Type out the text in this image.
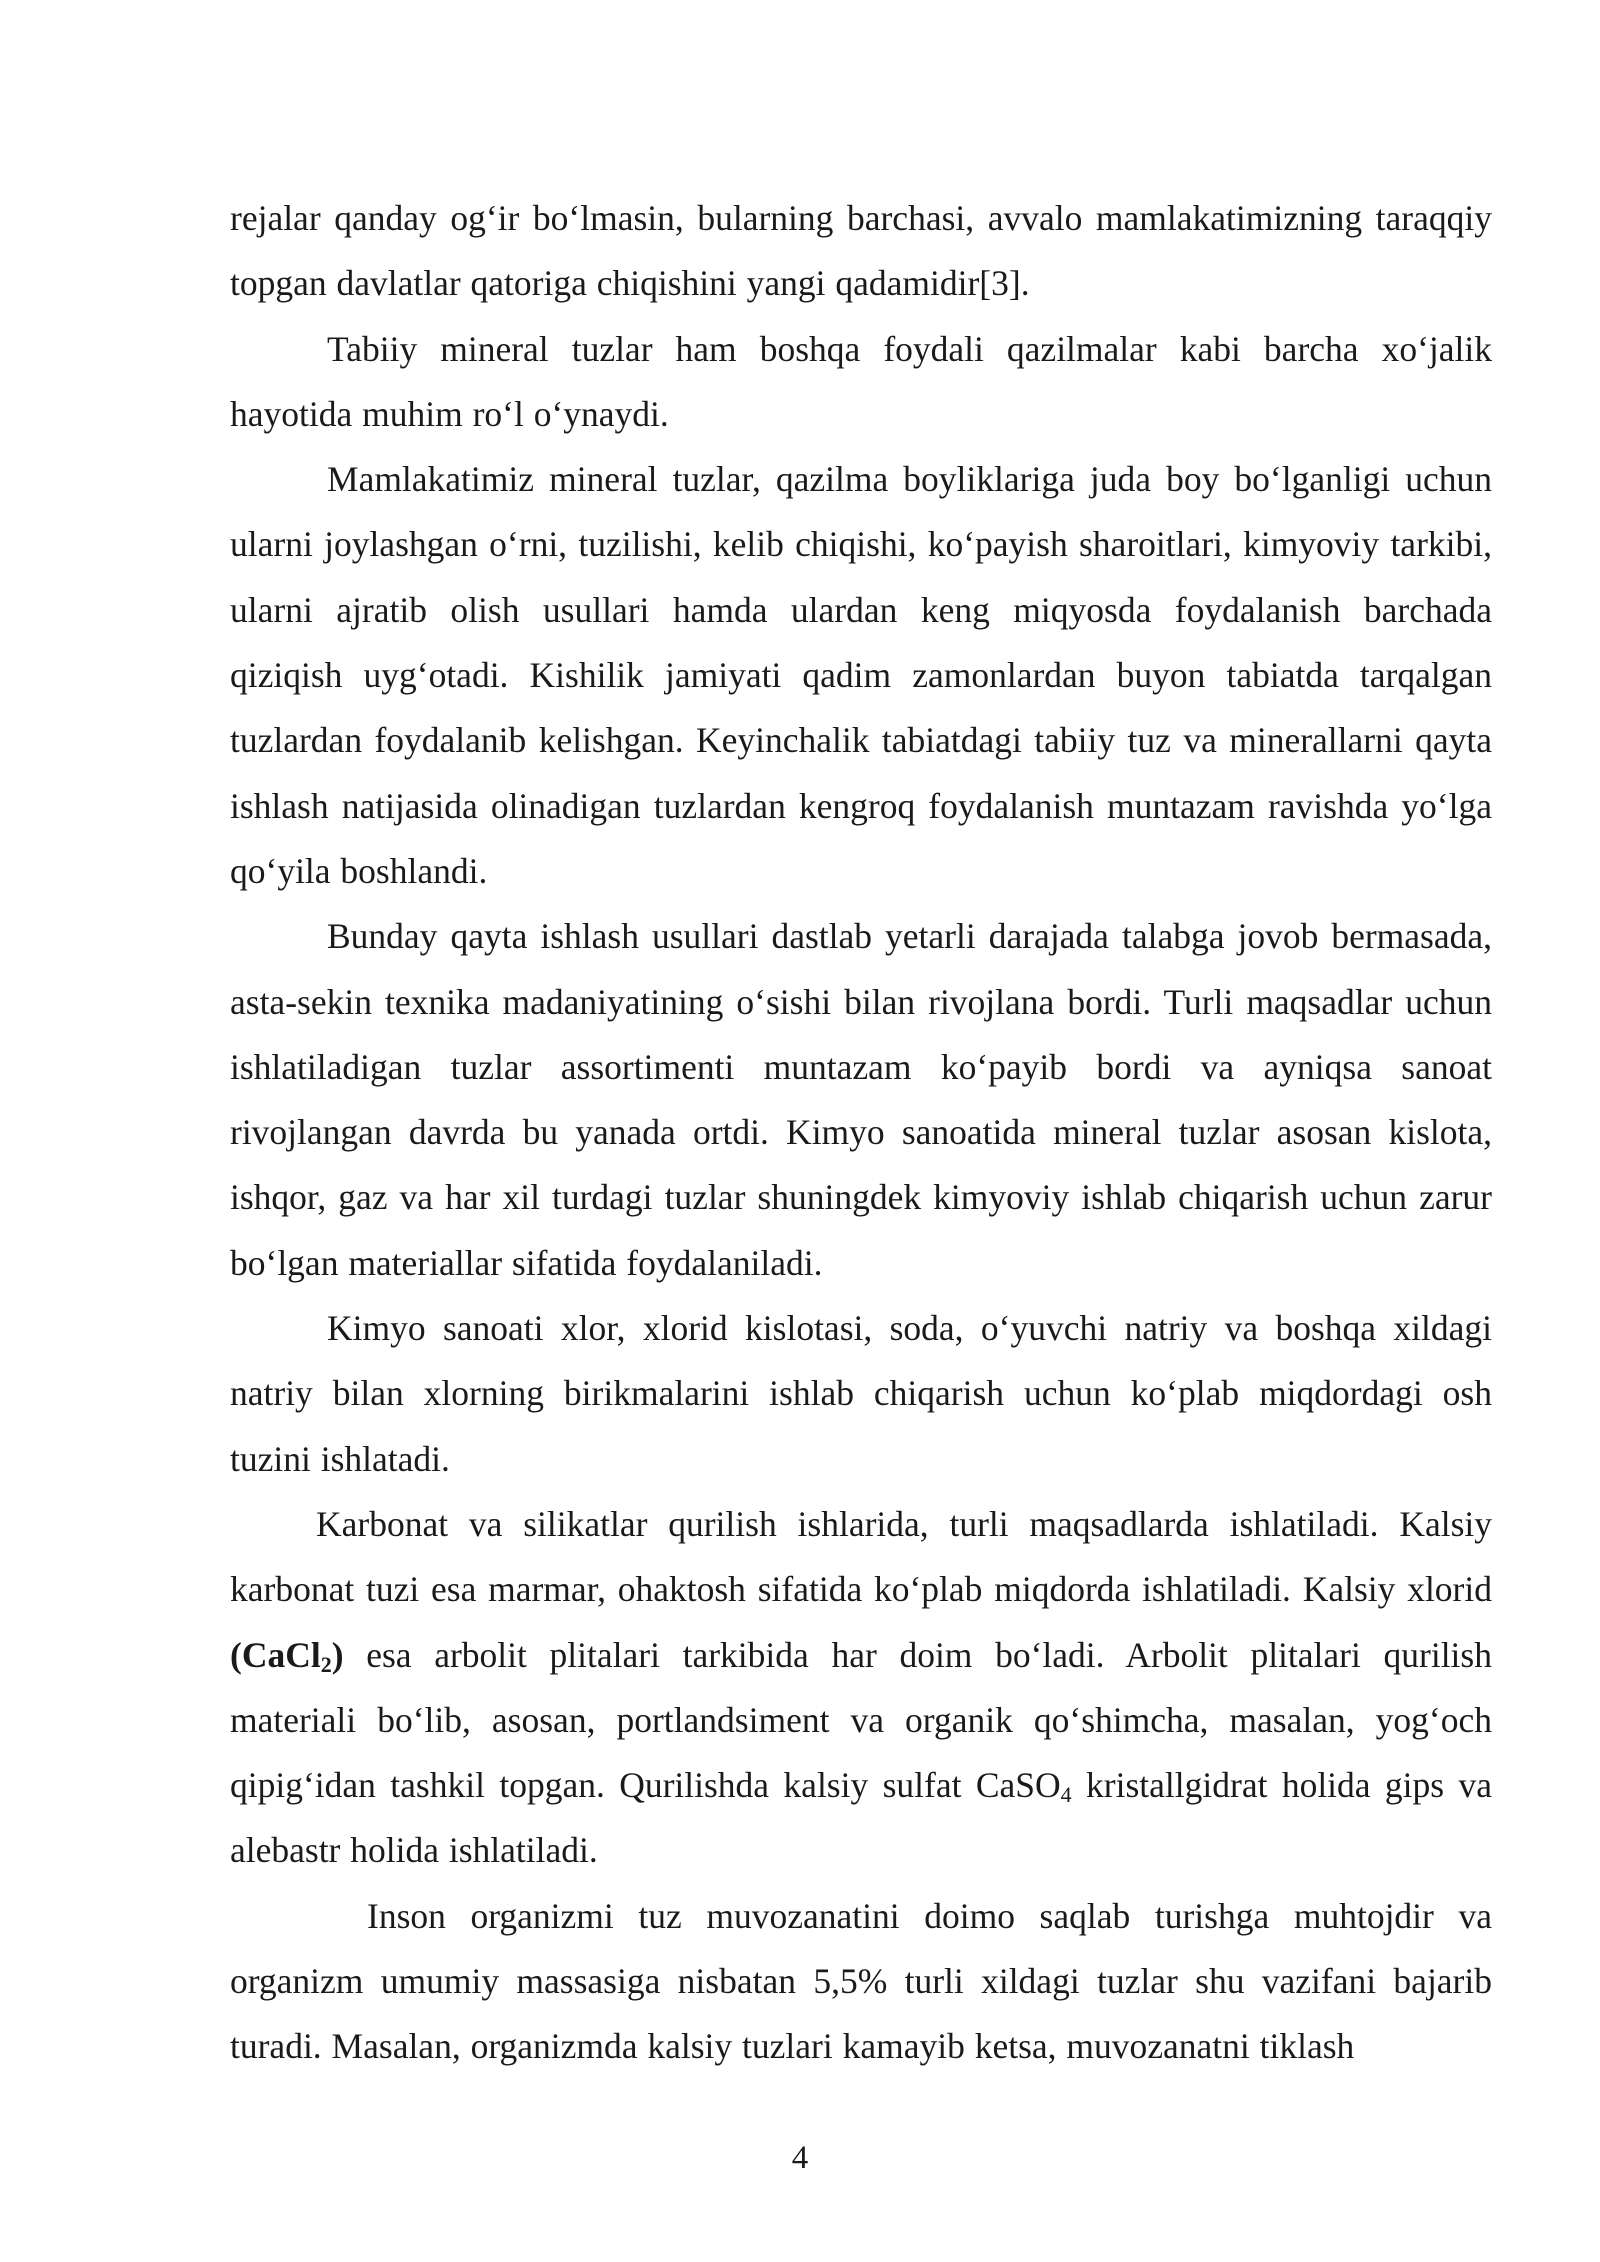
rejalar qanday og‘ir bo‘lmasin, bularning barchasi, avvalo mamlakatimizning taraqqiy topgan davlatlar qatoriga chiqishini yangi qadamidir[3].

Tabiiy mineral tuzlar ham boshqa foydali qazilmalar kabi barcha xo‘jalik hayotida muhim ro‘l o‘ynaydi.

Mamlakatimiz mineral tuzlar, qazilma boyliklariga juda boy bo‘lganligi uchun ularni joylashgan o‘rni, tuzilishi, kelib chiqishi, ko‘payish sharoitlari, kimyoviy tarkibi, ularni ajratib olish usullari hamda ulardan keng miqyosda foydalanish barchada qiziqish uyg‘otadi. Kishilik jamiyati qadim zamonlardan buyon tabiatda tarqalgan tuzlardan foydalanib kelishgan. Keyinchalik tabiatdagi tabiiy tuz va minerallarni qayta ishlash natijasida olinadigan tuzlardan kengroq foydalanish muntazam ravishda yo‘lga qo‘yila boshlandi.

Bunday qayta ishlash usullari dastlab yetarli darajada talabga jovob bermasada, asta-sekin texnika madaniyatining o‘sishi bilan rivojlana bordi. Turli maqsadlar uchun ishlatiladigan tuzlar assortimenti muntazam ko‘payib bordi va ayniqsa sanoat rivojlangan davrda bu yanada ortdi. Kimyo sanoatida mineral tuzlar asosan kislota, ishqor, gaz va har xil turdagi tuzlar shuningdek kimyoviy ishlab chiqarish uchun zarur bo‘lgan materiallar sifatida foydalaniladi.

Kimyo sanoati xlor, xlorid kislotasi, soda, o‘yuvchi natriy va boshqa xildagi natriy bilan xlorning birikmalarini ishlab chiqarish uchun ko‘plab miqdordagi osh tuzini ishlatadi.

Karbonat va silikatlar qurilish ishlarida, turli maqsadlarda ishlatiladi. Kalsiy karbonat tuzi esa marmar, ohaktosh sifatida ko‘plab miqdorda ishlatiladi. Kalsiy xlorid (CaCl$_2$) esa arbolit plitalari tarkibida har doim bo‘ladi. Arbolit plitalari qurilish materiali bo‘lib, asosan, portlandsiment va organik qo‘shimcha, masalan, yog‘och qipig‘idan tashkil topgan. Qurilishda kalsiy sulfat CaSO$_4$ kristallgidrat holida gips va alebastr holida ishlatiladi.

Inson organizmi tuz muvozanatini doimo saqlab turishga muhtojdir va organizm umumiy massasiga nisbatan 5,5% turli xildagi tuzlar shu vazifani bajarib turadi. Masalan, organizmda kalsiy tuzlari kamayib ketsa, muvozanatni tiklash

4
